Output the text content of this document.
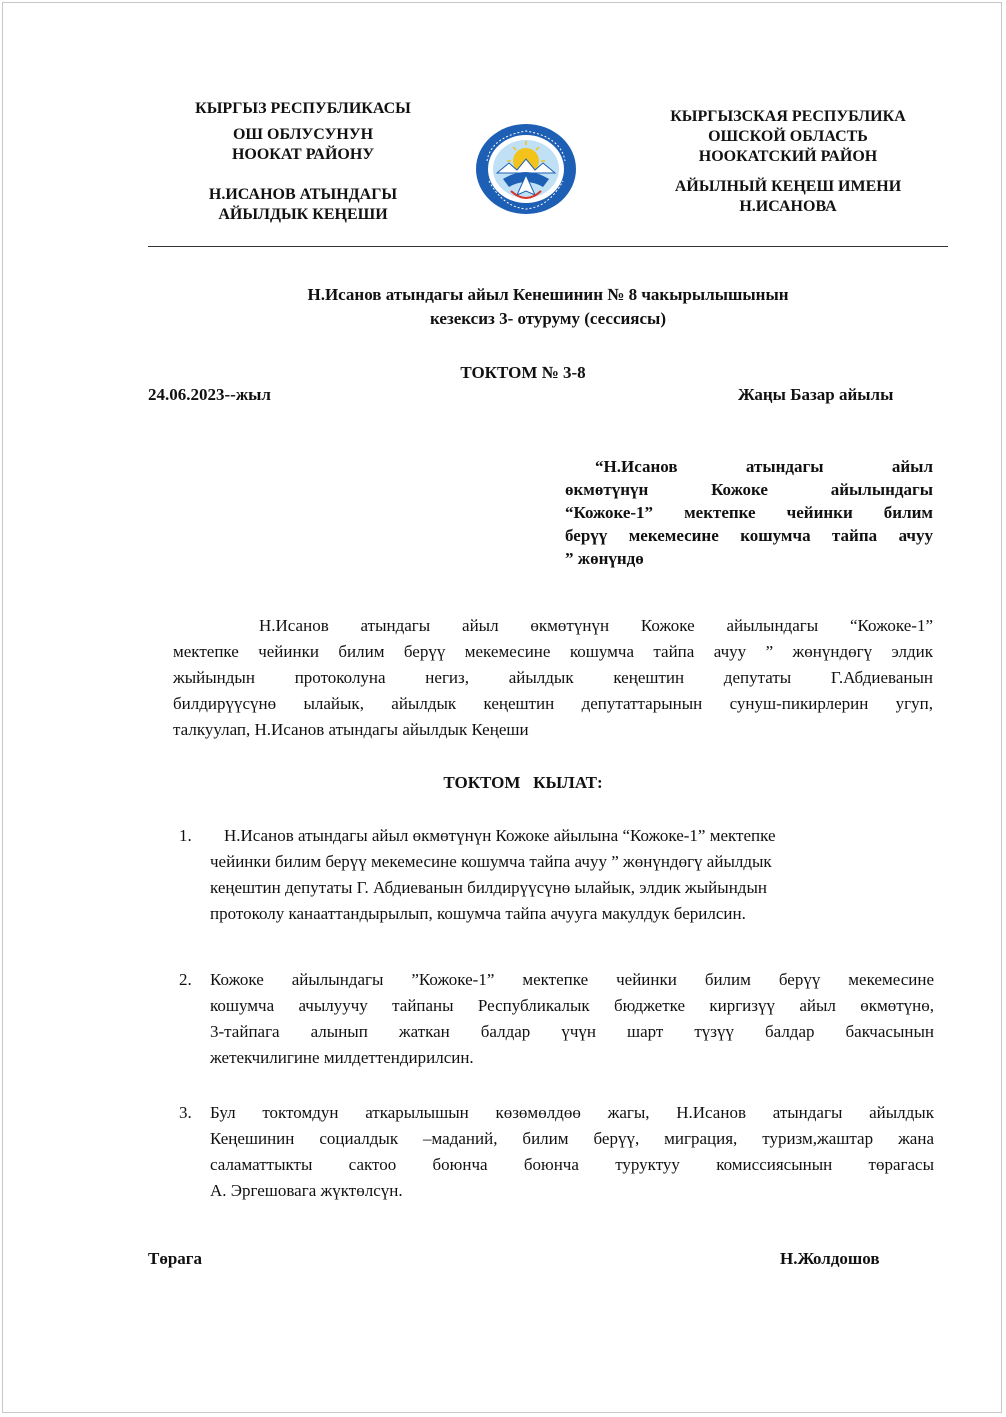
КЫРГЫЗ РЕСПУБЛИКАСЫ
ОШ ОБЛУСУНУН
НООКАТ РАЙОНУ
Н.ИСАНОВ АТЫНДАГЫ
АЙЫЛДЫК КЕҢЕШИ
КЫРГЫЗСКАЯ РЕСПУБЛИКА
ОШСКОЙ ОБЛАСТЬ
НООКАТСКИЙ РАЙОН
АЙЫЛНЫЙ КЕҢЕШ ИМЕНИ
Н.ИСАНОВА
Н.Исанов атындагы айыл Кенешинин № 8 чакырылышынын
кезексиз 3- отуруму (сессиясы)
ТОКТОМ № 3-8
24.06.2023--жыл	Жаңы Базар айылы
“Н.Исанов атындагы айыл
өкмөтүнүн Кожоке айылындагы
“Кожоке-1” мектепке чейинки билим
берүү мекемесине кошумча тайпа ачуу
” жөнүндө
Н.Исанов атындагы айыл өкмөтүнүн Кожоке айылындагы “Кожоке-1”
мектепке чейинки билим берүү мекемесине кошумча тайпа ачуу ” жөнүндөгү элдик
жыйындын протоколуна негиз, айылдык кеңештин депутаты Г.Абдиеванын
билдирүүсүнө ылайык, айылдык кеңештин депутаттарынын сунуш-пикирлерин угуп,
талкуулап, Н.Исанов атындагы айылдык Кеңеши
ТОКТОМ   КЫЛАТ:
1.	Н.Исанов атындагы айыл өкмөтүнүн Кожоке айылына “Кожоке-1” мектепке
чейинки билим берүү мекемесине кошумча тайпа ачуу ” жөнүндөгү айылдык
кеңештин депутаты Г. Абдиеванын билдирүүсүнө ылайык, элдик жыйындын
протоколу канааттандырылып, кошумча тайпа ачууга макулдук берилсин.
2. Кожоке айылындагы ”Кожоке-1” мектепке чейинки билим берүү мекемесине
кошумча ачылуучу тайпаны Республикалык бюджетке киргизүү айыл өкмөтүнө,
3-тайпага алынып жаткан балдар үчүн шарт түзүү балдар бакчасынын
жетекчилигине милдеттендирилсин.
3. Бул токтомдун аткарылышын көзөмөлдөө жагы, Н.Исанов атындагы айылдык
Кеңешинин социалдык –маданий, билим берүү, миграция, туризм,жаштар жана
саламаттыкты сактоо боюнча боюнча туруктуу комиссиясынын төрагасы
А. Эргешовага жүктөлсүн.
Төрага	Н.Жолдошов
